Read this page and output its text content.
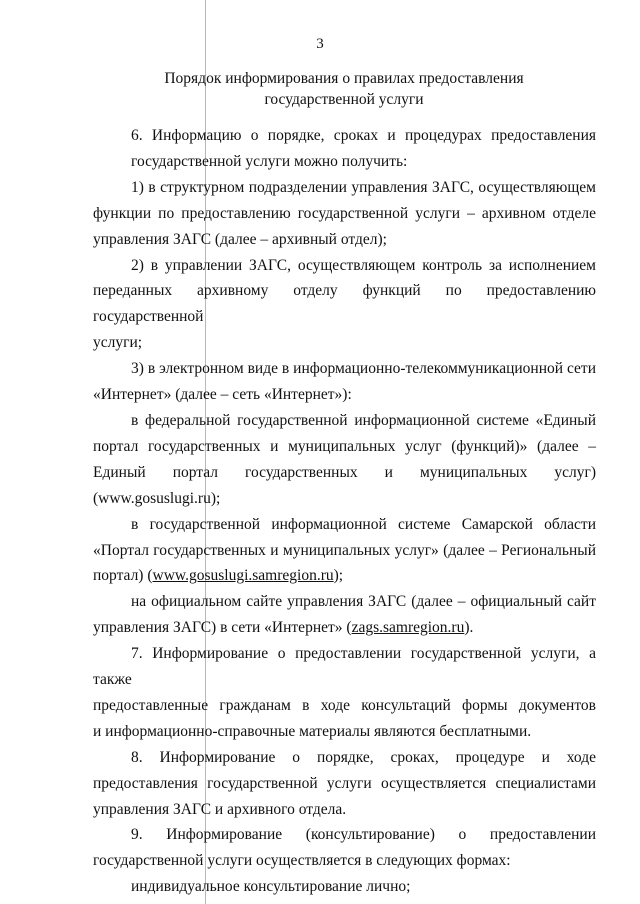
3
Порядок информирования о правилах предоставления
государственной услуги

6. Информацию о порядке, сроках и процедурах предоставления
государственной услуги можно получить:

1) в структурном подразделении управления ЗАГС, осуществляющем
функции по предоставлению государственной услуги – архивном отделе
управления ЗАГС (далее – архивный отдел);

2) в управлении ЗАГС, осуществляющем контроль за исполнением
переданных архивному отделу функций по предоставлению государственной
услуги;

3) в электронном виде в информационно-телекоммуникационной сети
«Интернет» (далее – сеть «Интернет»):

в федеральной государственной информационной системе «Единый
портал государственных и муниципальных услуг (функций)» (далее –
Единый портал государственных и муниципальных услуг)
(www.gosuslugi.ru);

в государственной информационной системе Самарской области
«Портал государственных и муниципальных услуг» (далее – Региональный
портал) (www.gosuslugi.samregion.ru);

на официальном сайте управления ЗАГС (далее – официальный сайт
управления ЗАГС) в сети «Интернет» (zags.samregion.ru).

7. Информирование о предоставлении государственной услуги, а также
предоставленные гражданам в ходе консультаций формы документов
и информационно-справочные материалы являются бесплатными.

8. Информирование о порядке, сроках, процедуре и ходе
предоставления государственной услуги осуществляется специалистами
управления ЗАГС и архивного отдела.

9. Информирование (консультирование) о предоставлении
государственной услуги осуществляется в следующих формах:

индивидуальное консультирование лично;
